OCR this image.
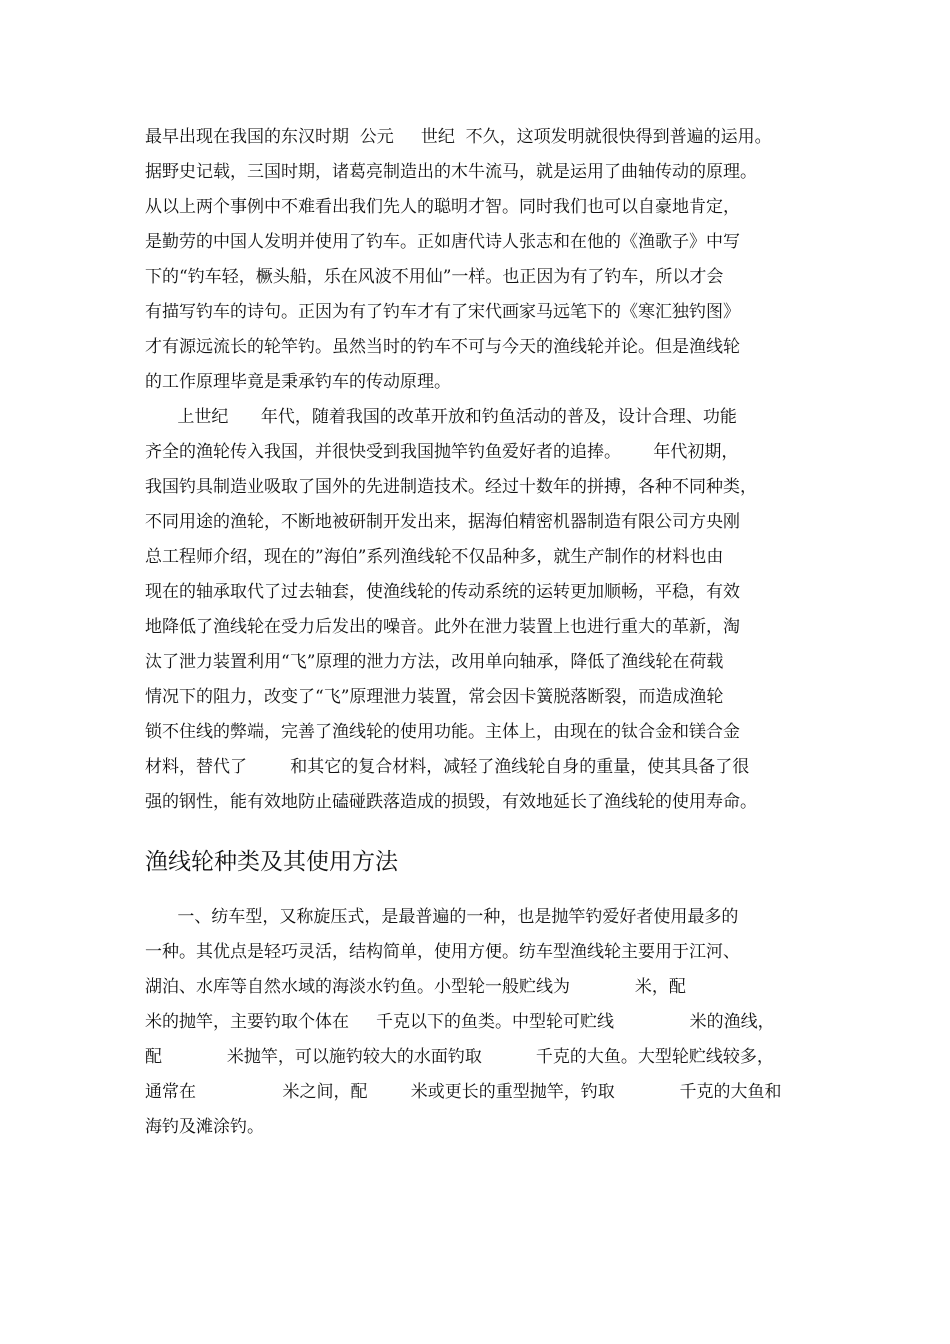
最早出现在我国的东汉时期  公元     世纪  不久，这项发明就很快得到普遍的运用。
据野史记载，三国时期，诸葛亮制造出的木牛流马，就是运用了曲轴传动的原理。
从以上两个事例中不难看出我们先人的聪明才智。同时我们也可以自豪地肯定，
是勤劳的中国人发明并使用了钓车。正如唐代诗人张志和在他的《渔歌子》中写
下的“钓车轻，橛头船，乐在风波不用仙”一样。也正因为有了钓车，所以才会
有描写钓车的诗句。正因为有了钓车才有了宋代画家马远笔下的《寒汇独钓图》
才有源远流长的轮竿钓。虽然当时的钓车不可与今天的渔线轮并论。但是渔线轮
的工作原理毕竟是秉承钓车的传动原理。

上世纪      年代，随着我国的改革开放和钓鱼活动的普及，设计合理、功能
齐全的渔轮传入我国，并很快受到我国抛竿钓鱼爱好者的追捧。      年代初期，
我国钓具制造业吸取了国外的先进制造技术。经过十数年的拼搏，各种不同种类，
不同用途的渔轮，不断地被研制开发出来，据海伯精密机器制造有限公司方央刚
总工程师介绍，现在的”海伯”系列渔线轮不仅品种多，就生产制作的材料也由
现在的轴承取代了过去轴套，使渔线轮的传动系统的运转更加顺畅，平稳，有效
地降低了渔线轮在受力后发出的噪音。此外在泄力装置上也进行重大的革新，淘
汰了泄力装置利用“飞”原理的泄力方法，改用单向轴承，降低了渔线轮在荷载
情况下的阻力，改变了“飞”原理泄力装置，常会因卡簧脱落断裂，而造成渔轮
锁不住线的弊端，完善了渔线轮的使用功能。主体上，由现在的钛合金和镁合金
材料，替代了        和其它的复合材料，减轻了渔线轮自身的重量，使其具备了很
强的钢性，能有效地防止磕碰跌落造成的损毁，有效地延长了渔线轮的使用寿命。

渔线轮种类及其使用方法

一、纺车型，又称旋压式，是最普遍的一种，也是抛竿钓爱好者使用最多的
一种。其优点是轻巧灵活，结构简单，使用方便。纺车型渔线轮主要用于江河、
湖泊、水库等自然水域的海淡水钓鱼。小型轮一般贮线为            米，配
米的抛竿，主要钓取个体在     千克以下的鱼类。中型轮可贮线              米的渔线，
配            米抛竿，可以施钓较大的水面钓取          千克的大鱼。大型轮贮线较多，
通常在                米之间，配        米或更长的重型抛竿，钓取            千克的大鱼和
海钓及滩涂钓。
